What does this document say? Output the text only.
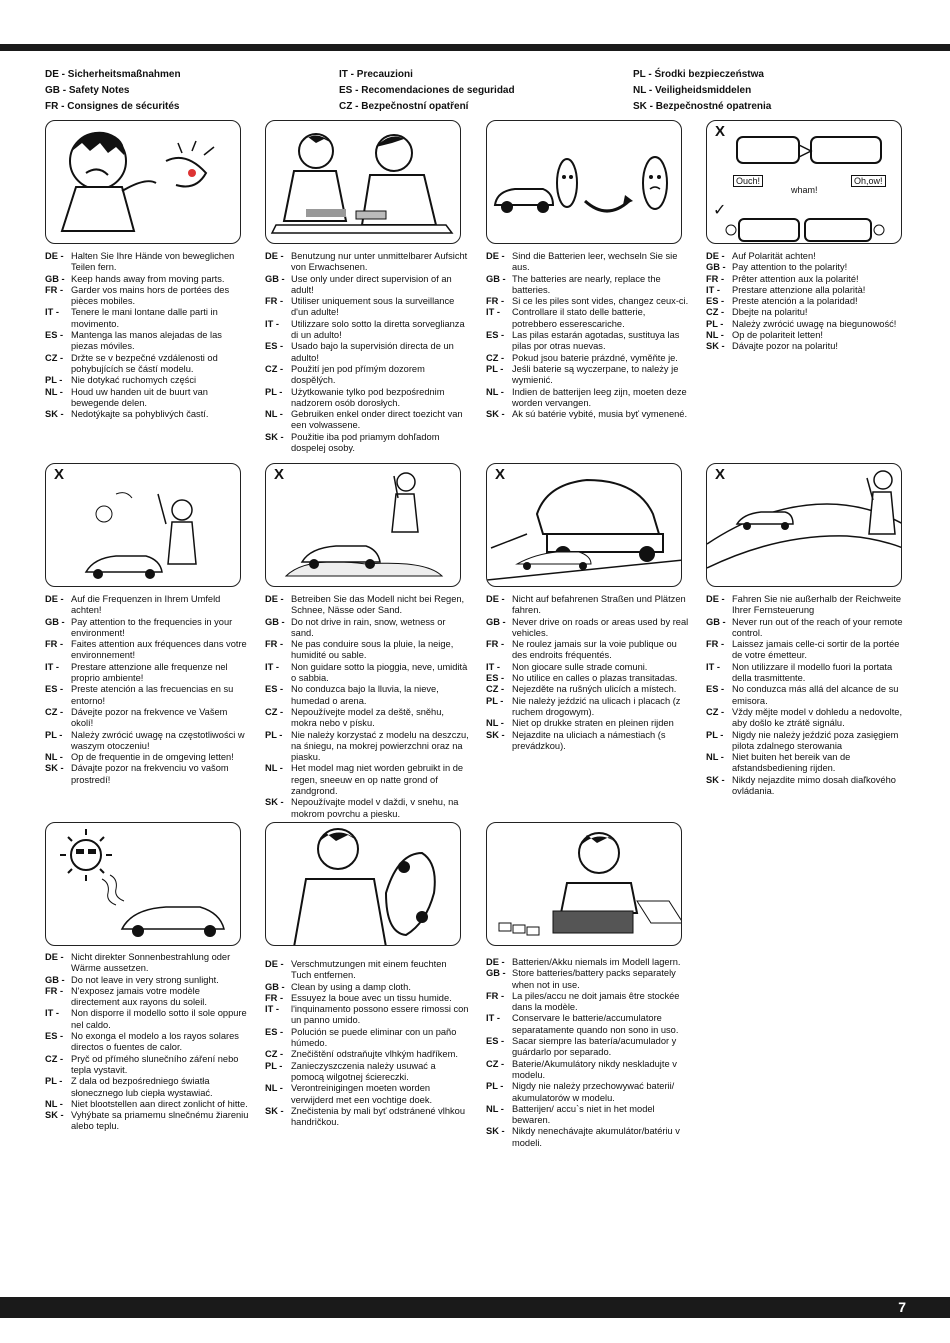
DE - Sicherheitsmaßnahmen
GB - Safety Notes
FR - Consignes de sécurités
IT - Precauzioni
ES - Recomendaciones de seguridad
CZ - Bezpečnostní opatření
PL - Środki bezpieczeństwa
NL - Veiligheidsmiddelen
SK - Bezpečnostné opatrenia
X
✓
Ouch!
wham!
Oh,ow!
X	X	X	X
DE - Halten Sie Ihre Hände von beweglichen Teilen fern.
GB - Keep hands away from moving parts.
FR - Garder vos mains hors de portées des pièces mobiles.
IT -	Tenere le mani lontane dalle parti in movimento.
ES - Mantenga las manos alejadas de las piezas móviles.
CZ - Držte se v bezpečné vzdálenosti od pohybujících se částí modelu.
PL - Nie dotykać ruchomych części
NL - Houd uw handen uit de buurt van bewegende delen.
SK - Nedotýkajte sa pohyblivých častí.
DE - Benutzung nur unter unmittelbarer Aufsicht von Erwachsenen.
GB - Use only under direct supervision of an adult!
FR - Utiliser uniquement sous la surveillance d'un adulte!
IT -	Utilizzare solo sotto la diretta sorveglianza di un adulto!
ES - Usado bajo la supervisión directa de un adulto!
CZ - Použití jen pod přímým dozorem dospělých.
PL - Użytkowanie tylko pod bezpośrednim nadzorem osób dorosłych.
NL - Gebruiken enkel onder direct toezicht van een volwassene.
SK - Použitie iba pod priamym dohľadom dospelej osoby.
DE - Sind die Batterien leer, wechseln Sie sie aus.
GB - The batteries are nearly, replace the batteries.
FR - Si ce les piles sont vides, changez ceux-ci.
IT -	Controllare il stato delle batterie, potrebbero esserescariche.
ES - Las pilas estarán agotadas, sustituya las pilas por otras nuevas.
CZ - Pokud jsou baterie prázdné, vyměňte je.
PL - Jeśli baterie są wyczerpane, to należy je wymienić.
NL - Indien de batterijen leeg zijn, moeten deze worden vervangen.
SK - Ak sú batérie vybité, musia byť vymenené.
DE - Auf Polarität achten!
GB - Pay attention to the polarity!
FR - Prêter attention aux la polarité!
IT -	Prestare attenzione alla polarità!
ES - Preste atención a la polaridad!
CZ - Dbejte na polaritu!
PL - Należy zwrócić uwagę na biegunowość!
NL - Op de polariteit letten!
SK - Dávajte pozor na polaritu!
DE - Auf die Frequenzen in Ihrem Umfeld achten!
GB - Pay attention to the frequencies in your environment!
FR - Faites attention aux fréquences dans votre environnement!
IT -	Prestare attenzione alle frequenze nel proprio ambiente!
ES - Preste atención a las frecuencias en su entorno!
CZ - Dávejte pozor na frekvence ve Vašem okolí!
PL - Należy zwrócić uwagę na częstotliwości w waszym otoczeniu!
NL - Op de frequentie in de omgeving letten!
SK - Dávajte pozor na frekvenciu vo vašom prostredí!
DE - Betreiben Sie das Modell nicht bei Regen, Schnee, Nässe oder Sand.
GB - Do not drive in rain, snow, wetness or sand.
FR - Ne pas conduire sous la pluie, la neige, humidité ou sable.
IT -	Non guidare sotto la pioggia, neve, umidità o sabbia.
ES - No conduzca bajo la lluvia, la nieve, humedad o arena.
CZ - Nepoužívejte model za deště, sněhu, mokra nebo v písku.
PL - Nie należy korzystać z modelu na deszczu, na śniegu, na mokrej powierzchni oraz na piasku.
NL - Het model mag niet worden gebruikt in de regen, sneeuw en op natte grond of zandgrond.
SK - Nepoužívajte model v daždi, v snehu, na mokrom povrchu a piesku.
DE - Nicht auf befahrenen Straßen und Plätzen fahren.
GB - Never drive on roads or areas used by real vehicles.
FR - Ne roulez jamais sur la voie publique ou des endroits fréquentés.
IT -	Non giocare sulle strade comuni.
ES - No utilice en calles o plazas transitadas.
CZ - Nejezděte na rušných ulicích a místech.
PL - Nie należy jeździć na ulicach i placach (z ruchem drogowym).
NL - Niet op drukke straten en pleinen rijden
SK - Nejazdite na uliciach a námestiach (s prevádzkou).
DE - Fahren Sie nie außerhalb der Reichweite Ihrer Fernsteuerung
GB - Never run out of the reach of your remote control.
FR - Laissez jamais celle-ci sortir de la portée de votre émetteur.
IT -	Non utilizzare il modello fuori la portata della trasmittente.
ES - No conduzca más allá del alcance de su emisora.
CZ - Vždy mějte model v dohledu a nedovolte, aby došlo ke ztrátě signálu.
PL - Nigdy nie należy jeździć poza zasięgiem pilota zdalnego sterowania
NL - Niet buiten het bereik van de afstandsbediening rijden.
SK - Nikdy nejazdite mimo dosah diaľkového ovládania.
DE - Nicht direkter Sonnenbestrahlung oder Wärme aussetzen.
GB - Do not leave in very strong sunlight.
FR - N'exposez jamais votre modèle directement aux rayons du soleil.
IT -	Non disporre il modello sotto il sole oppure nel caldo.
ES - No exonga el modelo a los rayos solares directos o fuentes de calor.
CZ - Pryč od přímého slunečního záření nebo tepla vystavit.
PL - Z dala od bezpośredniego światła słonecznego lub ciepła wystawiać.
NL - Niet blootstellen aan direct zonlicht of hitte.
SK - Vyhýbate sa priamemu slnečnému žiareniu alebo teplu.
DE - Verschmutzungen mit einem feuchten Tuch entfernen.
GB - Clean by using a damp cloth.
FR - Essuyez la boue avec un tissu humide.
IT -	l'inquinamento possono essere rimossi con un panno umido.
ES - Polución se puede eliminar con un paño húmedo.
CZ - Znečištění odstraňujte vlhkým hadříkem.
PL - Zanieczyszczenia należy usuwać a pomocą wilgotnej ściereczki.
NL - Verontreinigingen moeten worden verwijderd met een vochtige doek.
SK - Znečistenia by mali byť odstránené vlhkou handričkou.
DE - Batterien/Akku niemals im Modell lagern.
GB - Store batteries/battery packs separately when not in use.
FR - La piles/accu ne doit jamais être stockée dans la modèle.
IT -	Conservare le batterie/accumulatore separatamente quando non sono in uso.
ES - Sacar siempre las batería/acumulador y guárdarlo por separado.
CZ - Baterie/Akumulátory nikdy neskladujte v modelu.
PL - Nigdy nie należy przechowywać baterii/ akumulatorów w modelu.
NL - Batterijen/ accu`s niet in het model bewaren.
SK - Nikdy nenechávajte akumulátor/batériu v modeli.
7
